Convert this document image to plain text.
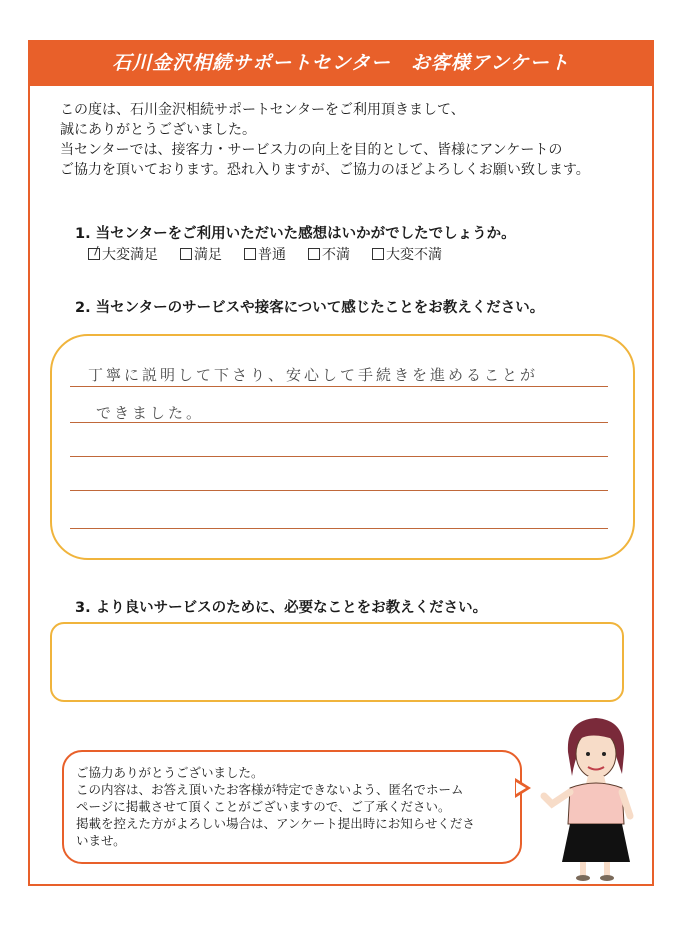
石川金沢相続サポートセンター　お客様アンケート
この度は、石川金沢相続サポートセンターをご利用頂きまして、
誠にありがとうございました。
当センターでは、接客力・サービス力の向上を目的として、皆様にアンケートの
ご協力を頂いております。恐れ入りますが、ご協力のほどよろしくお願い致します。
1. 当センターをご利用いただいた感想はいかがでしたでしょうか。
大変満足	満足	普通	不満	大変不満
2. 当センターのサービスや接客について感じたことをお教えください。
丁寧に説明して下さり、安心して手続きを進めることが
できました。
3. より良いサービスのために、必要なことをお教えください。
ご協力ありがとうございました。
この内容は、お答え頂いたお客様が特定できないよう、匿名でホーム
ページに掲載させて頂くことがございますので、ご了承ください。
掲載を控えた方がよろしい場合は、アンケート提出時にお知らせくださ
いませ。
